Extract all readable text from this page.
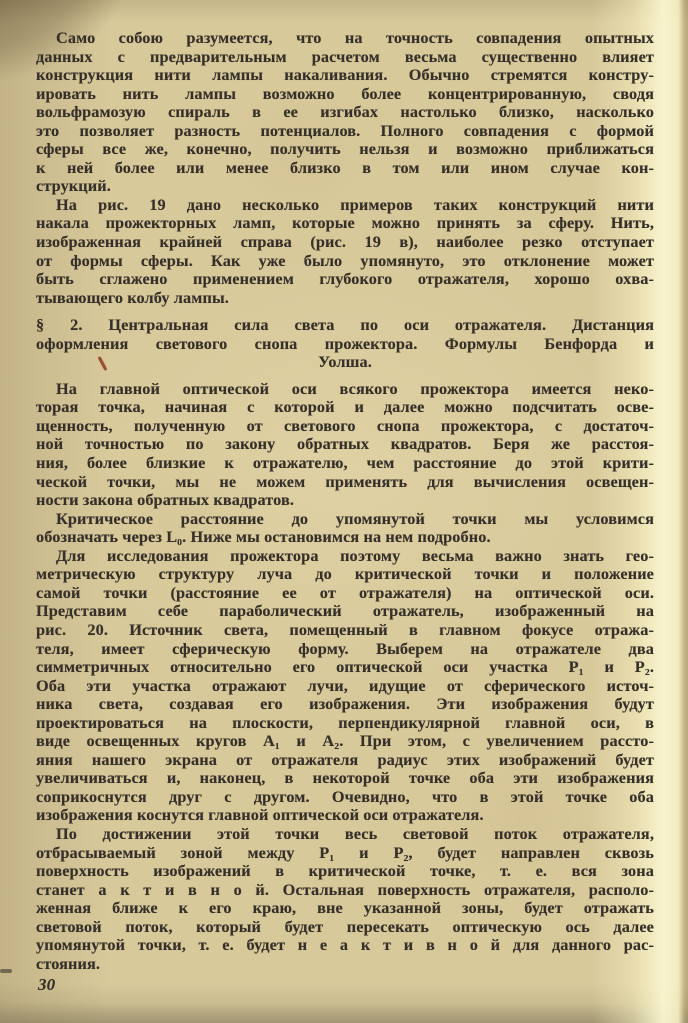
Само собою разумеется, что на точность совпадения опытных
данных с предварительным расчетом весьма существенно влияет
конструкция нити лампы накаливания. Обычно стремятся констру-
ировать нить лампы возможно более концентрированную, сводя
вольфрамозую спираль в ее изгибах настолько близко, насколько
это позволяет разность потенциалов. Полного совпадения с формой
сферы все же, конечно, получить нельзя и возможно приближаться
к ней более или менее близко в том или ином случае кон-
струкций.

На рис. 19 дано несколько примеров таких конструкций нити
накала прожекторных ламп, которые можно принять за сферу. Нить,
изображенная крайней справа (рис. 19 в), наиболее резко отступает
от формы сферы. Как уже было упомянуто, это отклонение может
быть сглажено применением глубокого отражателя, хорошо охва-
тывающего колбу лампы.

§ 2. Центральная сила света по оси отражателя. Дистанция
оформления светового снопа прожектора. Формулы Бенфорда и
Уолша.

На главной оптической оси всякого прожектора имеется неко-
торая точка, начиная с которой и далее можно подсчитать осве-
щенность, полученную от светового снопа прожектора, с достаточ-
ной точностью по закону обратных квадратов. Беря же расстоя-
ния, более близкие к отражателю, чем расстояние до этой крити-
ческой точки, мы не можем применять для вычисления освещен-
ности закона обратных квадратов.

Критическое расстояние до упомянутой точки мы условимся
обозначать через L₀. Ниже мы остановимся на нем подробно.

Для исследования прожектора поэтому весьма важно знать гео-
метрическую структуру луча до критической точки и положение
самой точки (расстояние ее от отражателя) на оптической оси.
Представим себе параболический отражатель, изображенный на
рис. 20. Источник света, помещенный в главном фокусе отража-
теля, имеет сферическую форму. Выберем на отражателе два
симметричных относительно его оптической оси участка P₁ и P₂.
Оба эти участка отражают лучи, идущие от сферического источ-
ника света, создавая его изображения. Эти изображения будут
проектироваться на плоскости, перпендикулярной главной оси, в
виде освещенных кругов A₁ и A₂. При этом, с увеличением рассто-
яния нашего экрана от отражателя радиус этих изображений будет
увеличиваться и, наконец, в некоторой точке оба эти изображения
соприкоснутся друг с другом. Очевидно, что в этой точке оба
изображения коснутся главной оптической оси отражателя.

По достижении этой точки весь световой поток отражателя,
отбрасываемый зоной между P₁ и P₂, будет направлен сквозь
поверхность изображений в критической точке, т. е. вся зона
станет а к т и в н о й. Остальная поверхность отражателя, располо-
женная ближе к его краю, вне указанной зоны, будет отражать
световой поток, который будет пересекать оптическую ось далее
упомянутой точки, т. е. будет н е а к т и в н о й для данного рас-
стояния.

30
